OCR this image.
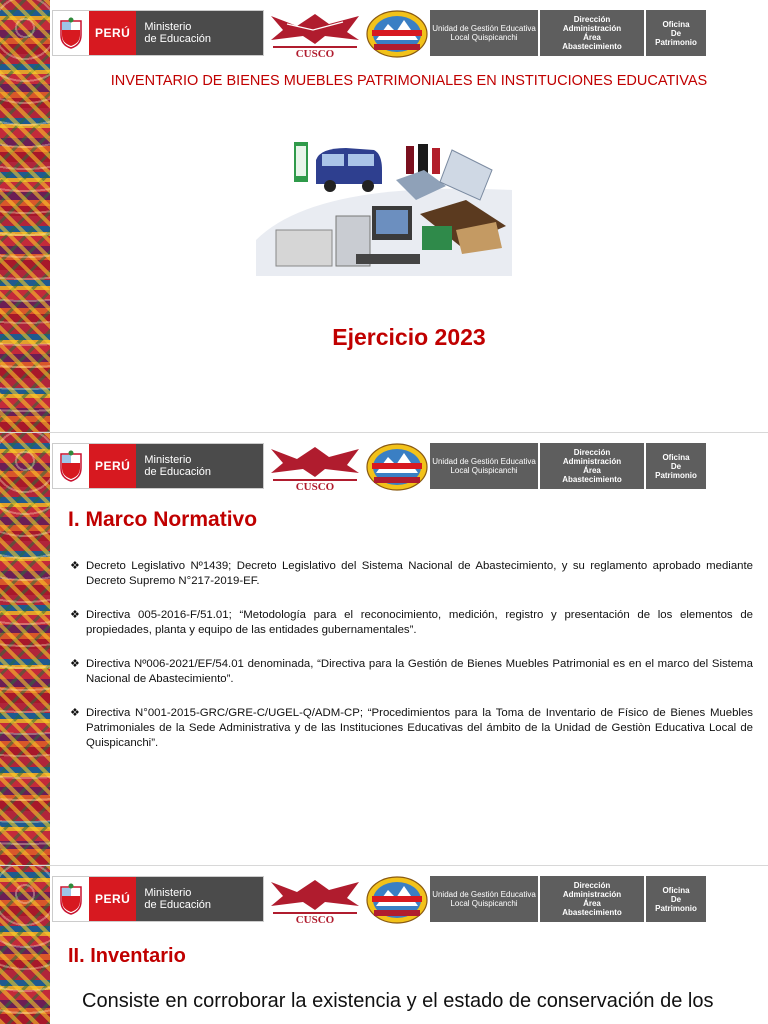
PERÚ	Ministerio
de Educación
CUSCO
Unidad de Gestión Educativa
Local Quispicanchi
Dirección
Administración
Área
Abastecimiento
Oficina
De
Patrimonio
INVENTARIO DE BIENES MUEBLES PATRIMONIALES EN INSTITUCIONES EDUCATIVAS
Ejercicio 2023
PERÚ	Ministerio
de Educación
CUSCO
Unidad de Gestión Educativa
Local Quispicanchi
Dirección
Administración
Área
Abastecimiento
Oficina
De
Patrimonio
I. Marco Normativo
❖ Decreto Legislativo Nº1439; Decreto Legislativo del Sistema Nacional de Abastecimiento, y su reglamento aprobado mediante Decreto Supremo N°217-2019-EF.
❖ Directiva 005-2016-F/51.01; “Metodología para el reconocimiento, medición, registro y presentación de los elementos de propiedades, planta y equipo de las entidades gubernamentales”.
❖ Directiva Nº006-2021/EF/54.01 denominada, “Directiva para la Gestión de Bienes Muebles Patrimonial es en el marco del Sistema Nacional de Abastecimiento”.
❖ Directiva N°001-2015-GRC/GRE-C/UGEL-Q/ADM-CP; “Procedimientos para la Toma de Inventario de Físico de Bienes Muebles Patrimoniales de la Sede Administrativa y de las Instituciones Educativas del ámbito de la Unidad de Gestiòn Educativa Local de Quispicanchi”.
PERÚ	Ministerio
de Educación
CUSCO
Unidad de Gestión Educativa
Local Quispicanchi
Dirección
Administración
Área
Abastecimiento
Oficina
De
Patrimonio
II. Inventario
Consiste en corroborar la existencia y el estado de conservación de los
